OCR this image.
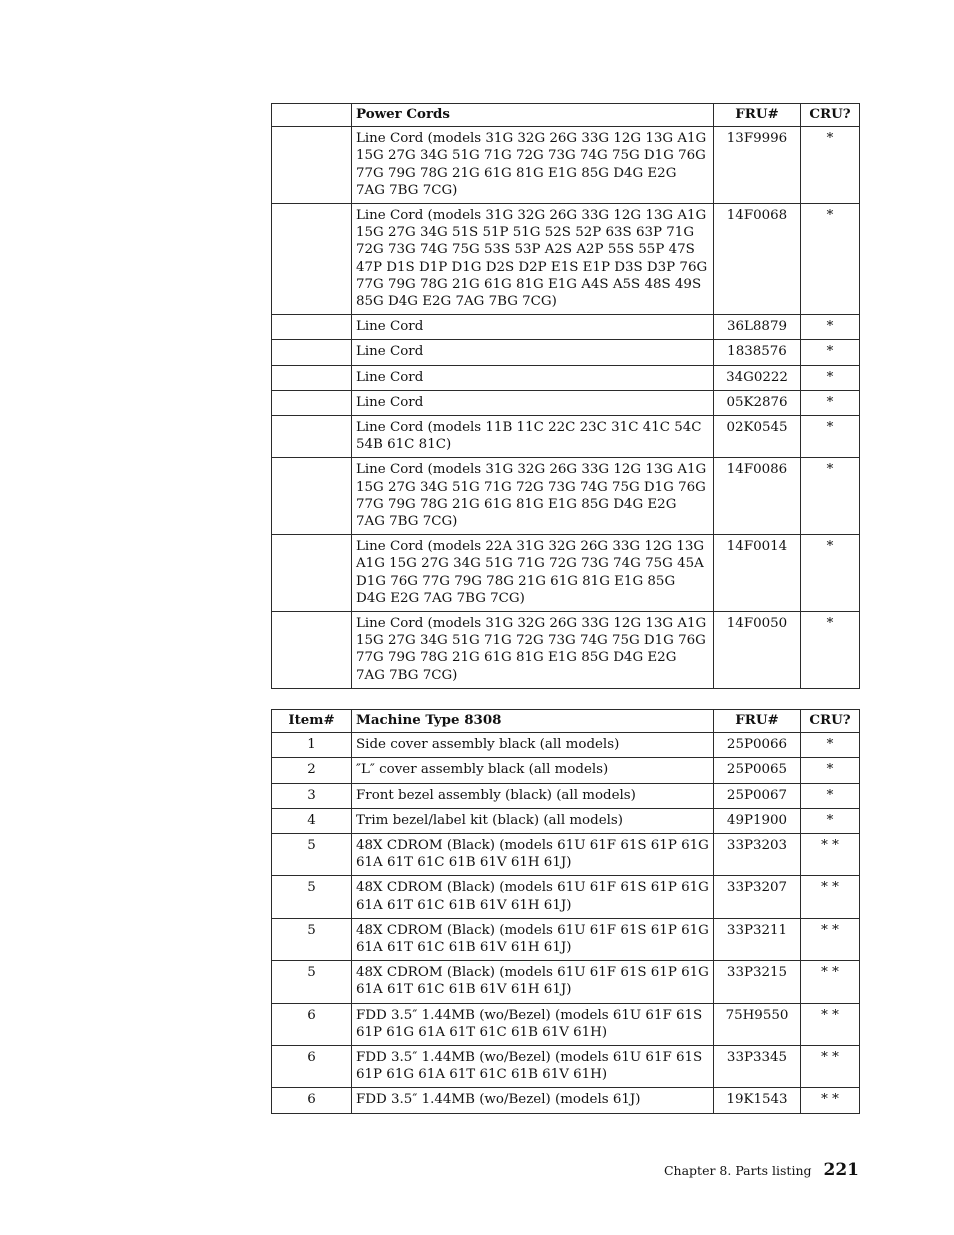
	Power Cords	FRU#	CRU?
	Line Cord (models 31G 32G 26G 33G 12G 13G A1G 15G 27G 34G 51G 71G 72G 73G 74G 75G D1G 76G 77G 79G 78G 21G 61G 81G E1G 85G D4G E2G 7AG 7BG 7CG)	13F9996	*
	Line Cord (models 31G 32G 26G 33G 12G 13G A1G 15G 27G 34G 51S 51P 51G 52S 52P 63S 63P 71G 72G 73G 74G 75G 53S 53P A2S A2P 55S 55P 47S 47P D1S D1P D1G D2S D2P E1S E1P D3S D3P 76G 77G 79G 78G 21G 61G 81G E1G A4S A5S 48S 49S 85G D4G E2G 7AG 7BG 7CG)	14F0068	*
	Line Cord	36L8879	*
	Line Cord	1838576	*
	Line Cord	34G0222	*
	Line Cord	05K2876	*
	Line Cord (models 11B 11C 22C 23C 31C 41C 54C 54B 61C 81C)	02K0545	*
	Line Cord (models 31G 32G 26G 33G 12G 13G A1G 15G 27G 34G 51G 71G 72G 73G 74G 75G D1G 76G 77G 79G 78G 21G 61G 81G E1G 85G D4G E2G 7AG 7BG 7CG)	14F0086	*
	Line Cord (models 22A 31G 32G 26G 33G 12G 13G A1G 15G 27G 34G 51G 71G 72G 73G 74G 75G 45A D1G 76G 77G 79G 78G 21G 61G 81G E1G 85G D4G E2G 7AG 7BG 7CG)	14F0014	*
	Line Cord (models 31G 32G 26G 33G 12G 13G A1G 15G 27G 34G 51G 71G 72G 73G 74G 75G D1G 76G 77G 79G 78G 21G 61G 81G E1G 85G D4G E2G 7AG 7BG 7CG)	14F0050	*
Item#	Machine Type 8308	FRU#	CRU?
1	Side cover assembly black (all models)	25P0066	*
2	″L″ cover assembly black (all models)	25P0065	*
3	Front bezel assembly (black) (all models)	25P0067	*
4	Trim bezel/label kit (black) (all models)	49P1900	*
5	48X CDROM (Black) (models 61U 61F 61S 61P 61G 61A 61T 61C 61B 61V 61H 61J)	33P3203	* *
5	48X CDROM (Black) (models 61U 61F 61S 61P 61G 61A 61T 61C 61B 61V 61H 61J)	33P3207	* *
5	48X CDROM (Black) (models 61U 61F 61S 61P 61G 61A 61T 61C 61B 61V 61H 61J)	33P3211	* *
5	48X CDROM (Black) (models 61U 61F 61S 61P 61G 61A 61T 61C 61B 61V 61H 61J)	33P3215	* *
6	FDD 3.5″ 1.44MB (wo/Bezel) (models 61U 61F 61S 61P 61G 61A 61T 61C 61B 61V 61H)	75H9550	* *
6	FDD 3.5″ 1.44MB (wo/Bezel) (models 61U 61F 61S 61P 61G 61A 61T 61C 61B 61V 61H)	33P3345	* *
6	FDD 3.5″ 1.44MB (wo/Bezel) (models 61J)	19K1543	* *
Chapter 8. Parts listing 221
